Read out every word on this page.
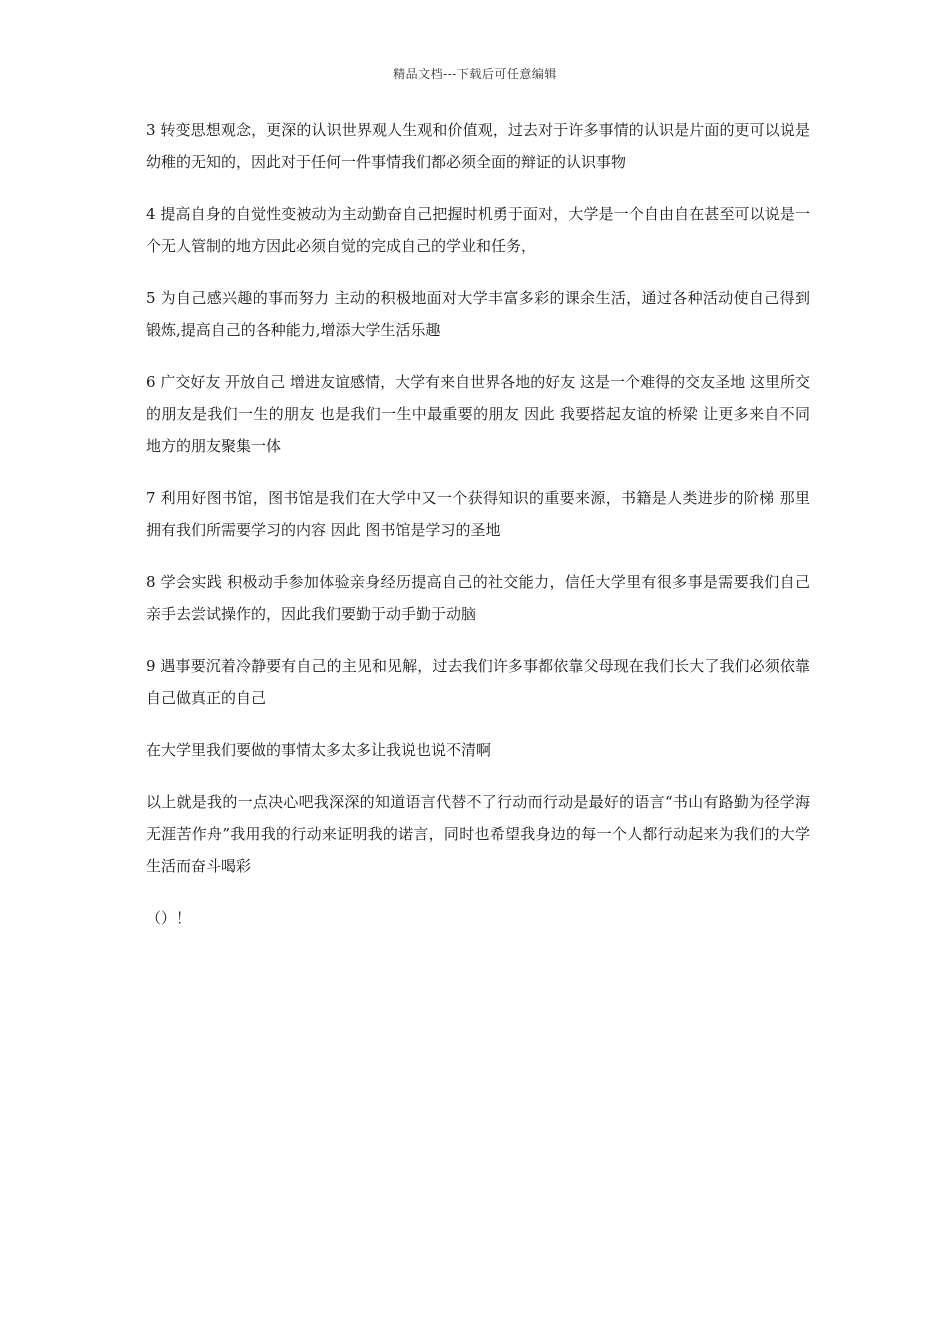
精品文档---下载后可任意编辑

3 转变思想观念，更深的认识世界观人生观和价值观，过去对于许多事情的认识是片面的更可以说是幼稚的无知的，因此对于任何一件事情我们都必须全面的辩证的认识事物

4 提高自身的自觉性变被动为主动勤奋自己把握时机勇于面对，大学是一个自由自在甚至可以说是一个无人管制的地方因此必须自觉的完成自己的学业和任务，

5 为自己感兴趣的事而努力 主动的积极地面对大学丰富多彩的课余生活，通过各种活动使自己得到锻炼,提高自己的各种能力,增添大学生活乐趣

6 广交好友 开放自己 增进友谊感情，大学有来自世界各地的好友 这是一个难得的交友圣地 这里所交的朋友是我们一生的朋友 也是我们一生中最重要的朋友 因此 我要搭起友谊的桥梁 让更多来自不同地方的朋友聚集一体

7 利用好图书馆，图书馆是我们在大学中又一个获得知识的重要来源，书籍是人类进步的阶梯 那里拥有我们所需要学习的内容 因此 图书馆是学习的圣地

8 学会实践 积极动手参加体验亲身经历提高自己的社交能力，信任大学里有很多事是需要我们自己亲手去尝试操作的，因此我们要勤于动手勤于动脑

9 遇事要沉着冷静要有自己的主见和见解，过去我们许多事都依靠父母现在我们长大了我们必须依靠自己做真正的自己

在大学里我们要做的事情太多太多让我说也说不清啊

以上就是我的一点决心吧我深深的知道语言代替不了行动而行动是最好的语言“书山有路勤为径学海无涯苦作舟”我用我的行动来证明我的诺言，同时也希望我身边的每一个人都行动起来为我们的大学生活而奋斗喝彩

（）！
